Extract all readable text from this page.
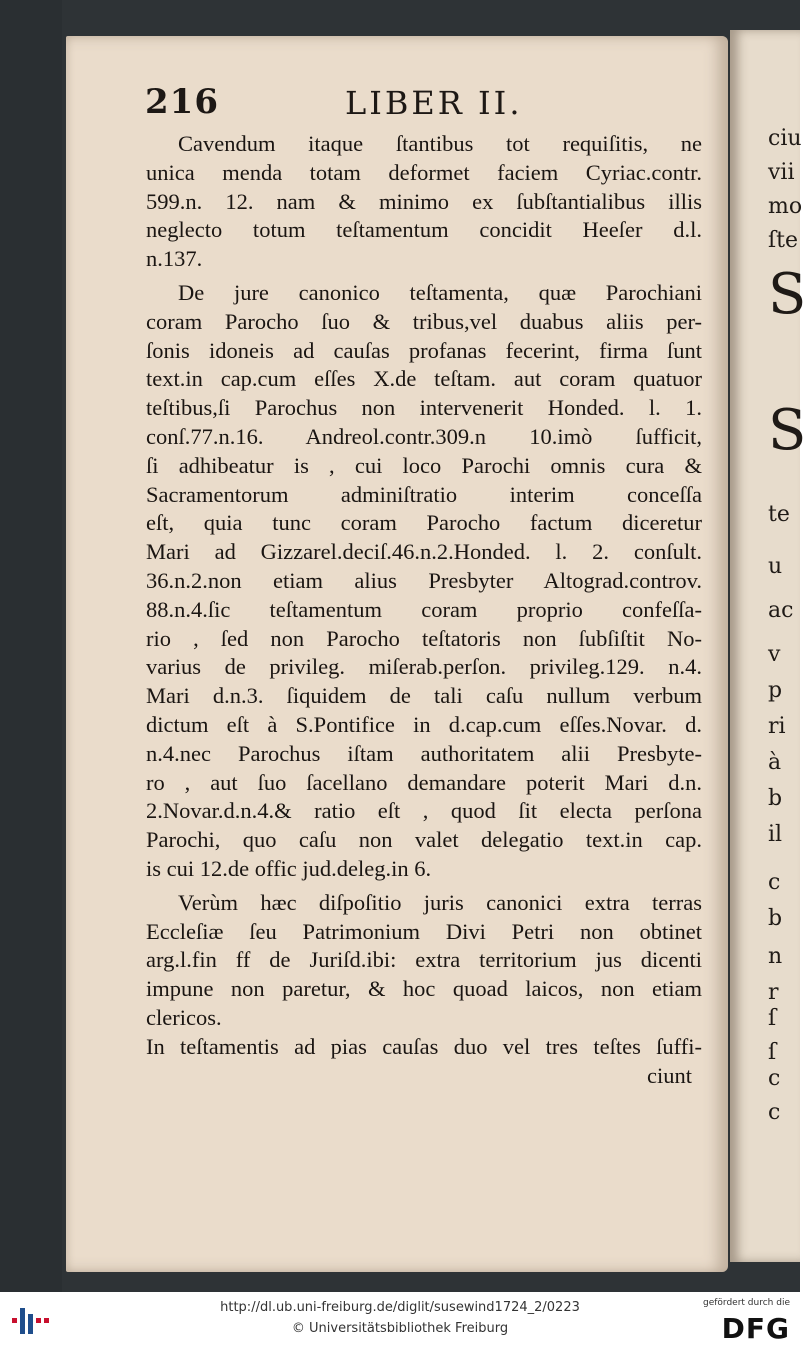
ciu
vii
mo
ſte
S
S
te
u
ac
v
p
ri
à
b
il
c
b
n
r
ſ
ſ
c
c
216	LIBER II.
Cavendum itaque ſtantibus tot requiſitis, ne
unica menda totam deformet faciem Cyriac.contr.
599.n. 12. nam & minimo ex ſubſtantialibus illis
neglecto totum teſtamentum concidit Heeſer d.l.
n.137.
De jure canonico teſtamenta, quæ Parochiani
coram Parocho ſuo & tribus,vel duabus aliis per-
ſonis idoneis ad cauſas profanas fecerint, firma ſunt
text.in cap.cum eſſes X.de teſtam. aut coram quatuor
teſtibus,ſi Parochus non intervenerit Honded. l. 1.
conſ.77.n.16. Andreol.contr.309.n 10.imò ſufficit,
ſi adhibeatur is , cui loco Parochi omnis cura &
Sacramentorum adminiſtratio interim conceſſa
eſt, quia tunc coram Parocho factum diceretur
Mari ad Gizzarel.deciſ.46.n.2.Honded. l. 2. conſult.
36.n.2.non etiam alius Presbyter Altograd.controv.
88.n.4.ſic teſtamentum coram proprio confeſſa-
rio , ſed non Parocho teſtatoris non ſubſiſtit No-
varius de privileg. miſerab.perſon. privileg.129. n.4.
Mari d.n.3. ſiquidem de tali caſu nullum verbum
dictum eſt à S.Pontifice in d.cap.cum eſſes.Novar. d.
n.4.nec Parochus iſtam authoritatem alii Presbyte-
ro , aut ſuo ſacellano demandare poterit Mari d.n.
2.Novar.d.n.4.& ratio eſt , quod ſit electa perſona
Parochi, quo caſu non valet delegatio text.in cap.
is cui 12.de offic jud.deleg.in 6.
Verùm hæc diſpoſitio juris canonici extra terras
Eccleſiæ ſeu Patrimonium Divi Petri non obtinet
arg.l.fin ff de Juriſd.ibi: extra territorium jus dicenti
impune non paretur, & hoc quoad laicos, non etiam
clericos.
In teſtamentis ad pias cauſas duo vel tres teſtes ſuffi-
ciunt
http://dl.ub.uni-freiburg.de/diglit/susewind1724_2/0223
© Universitätsbibliothek Freiburg
gefördert durch die
DFG
